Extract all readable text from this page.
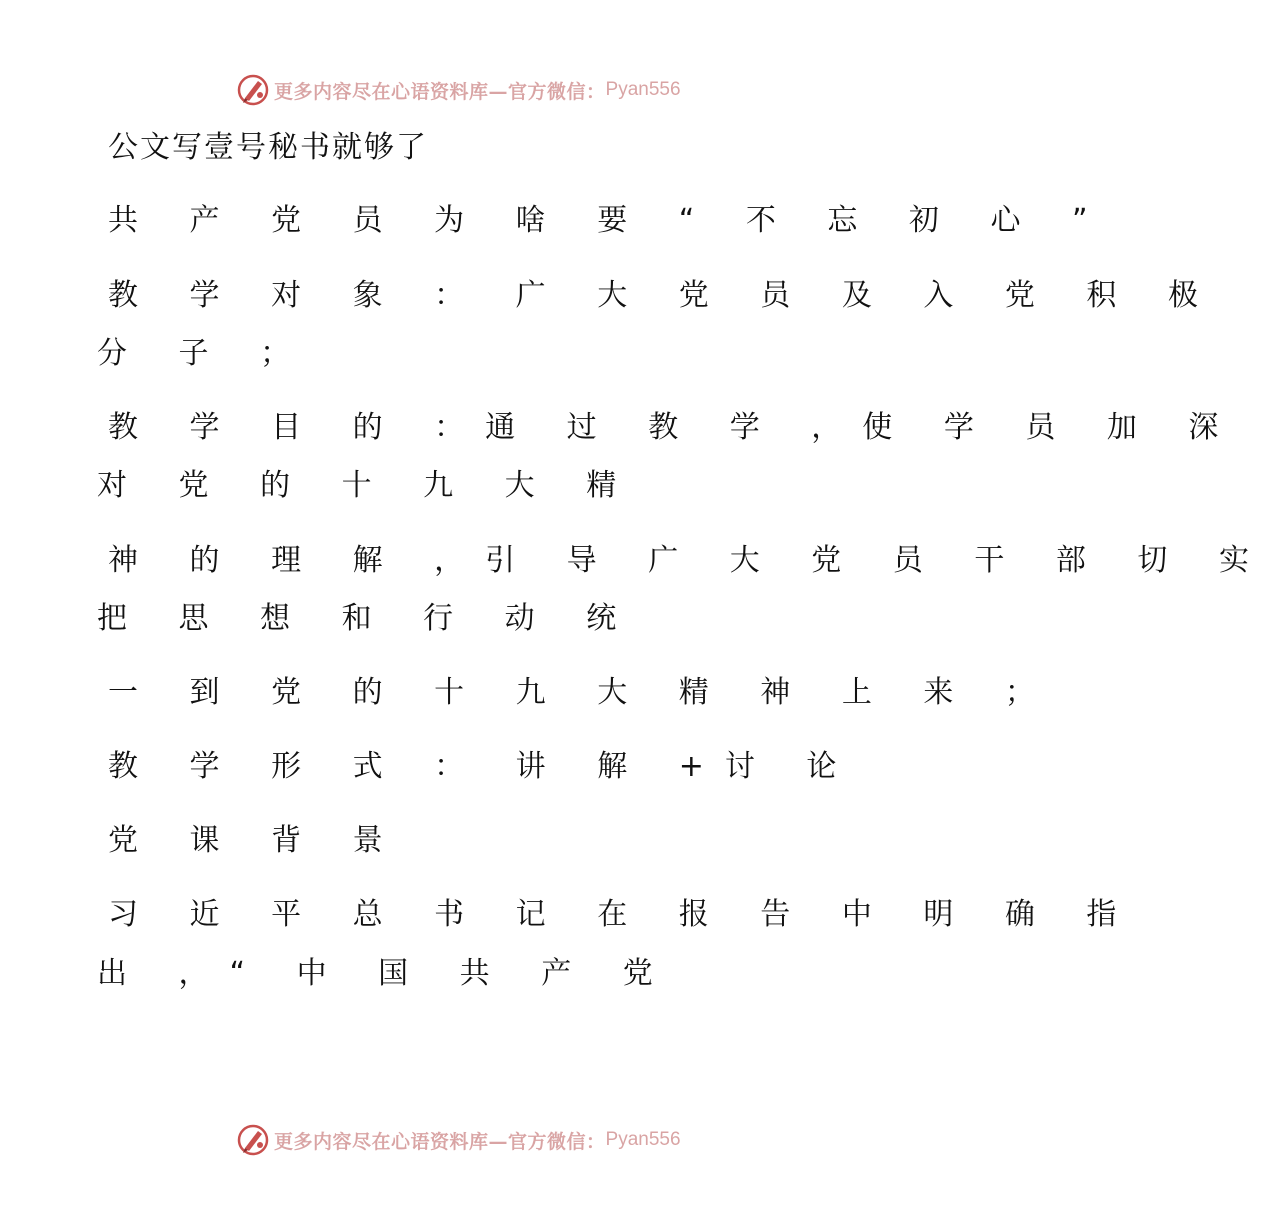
更多内容尽在心语资料库—官方微信： Pyan556
公文写壹号秘书就够了
共 产 党 员 为 啥 要 “ 不 忘 初 心 ”
教 学 对 象 ： 广 大 党 员 及 入 党 积 极
分 子 ；
教 学 目 的 ：通 过 教 学 ，使 学 员 加 深
对 党 的 十 九 大 精
神 的 理 解 ，引 导 广 大 党 员 干 部 切 实
把 思 想 和 行 动 统
一 到 党 的 十 九 大 精 神 上 来 ；
教 学 形 式 ： 讲 解 +讨 论
党 课 背 景
习 近 平 总 书 记 在 报 告 中 明 确 指
出 ，“ 中 国 共 产 党
更多内容尽在心语资料库—官方微信： Pyan556
